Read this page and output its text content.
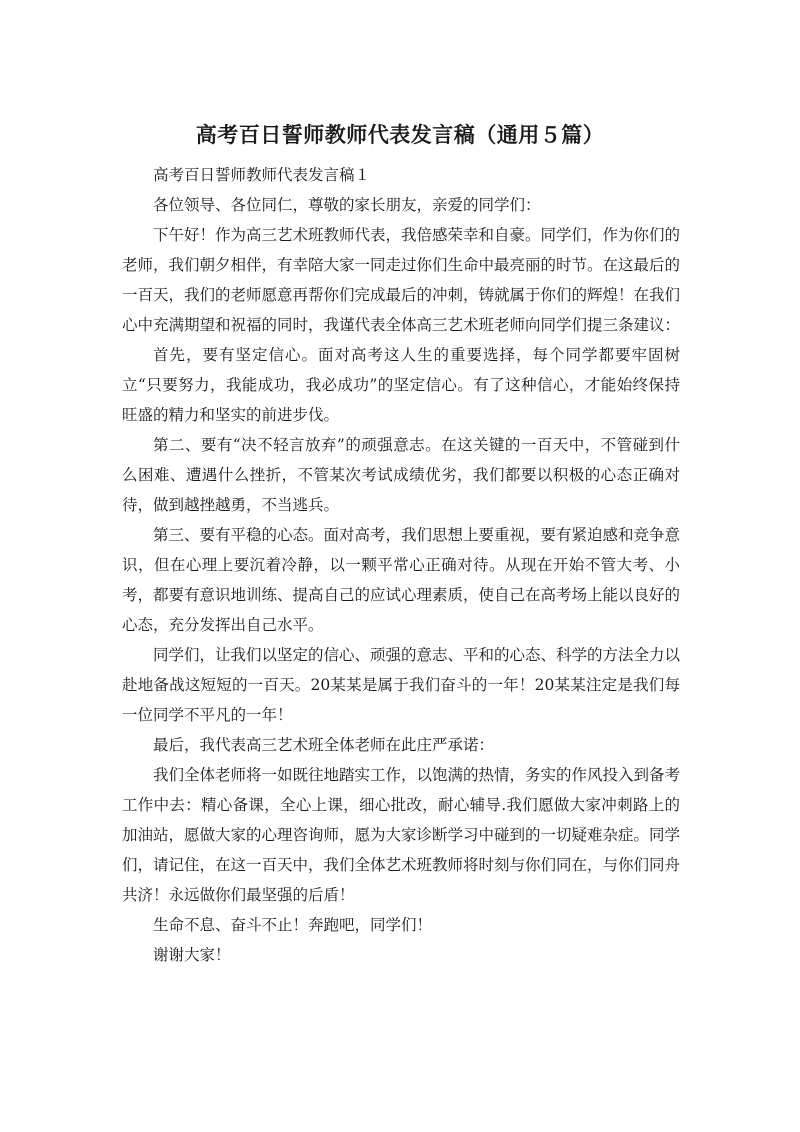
高考百日誓师教师代表发言稿（通用５篇）

高考百日誓师教师代表发言稿１

各位领导、各位同仁，尊敬的家长朋友，亲爱的同学们：

下午好！作为高三艺术班教师代表，我倍感荣幸和自豪。同学们，作为你们的老师，我们朝夕相伴，有幸陪大家一同走过你们生命中最亮丽的时节。在这最后的一百天，我们的老师愿意再帮你们完成最后的冲刺，铸就属于你们的辉煌！在我们心中充满期望和祝福的同时，我谨代表全体高三艺术班老师向同学们提三条建议：

首先，要有坚定信心。面对高考这人生的重要选择，每个同学都要牢固树立“只要努力，我能成功，我必成功”的坚定信心。有了这种信心，才能始终保持旺盛的精力和坚实的前进步伐。

第二、要有“决不轻言放弃”的顽强意志。在这关键的一百天中，不管碰到什么困难、遭遇什么挫折，不管某次考试成绩优劣，我们都要以积极的心态正确对待，做到越挫越勇，不当逃兵。

第三、要有平稳的心态。面对高考，我们思想上要重视，要有紧迫感和竞争意识，但在心理上要沉着冷静，以一颗平常心正确对待。从现在开始不管大考、小考，都要有意识地训练、提高自己的应试心理素质，使自己在高考场上能以良好的心态，充分发挥出自己水平。

同学们，让我们以坚定的信心、顽强的意志、平和的心态、科学的方法全力以赴地备战这短短的一百天。20某某是属于我们奋斗的一年！20某某注定是我们每一位同学不平凡的一年！

最后，我代表高三艺术班全体老师在此庄严承诺：

我们全体老师将一如既往地踏实工作，以饱满的热情，务实的作风投入到备考工作中去：精心备课，全心上课，细心批改，耐心辅导.我们愿做大家冲刺路上的加油站，愿做大家的心理咨询师，愿为大家诊断学习中碰到的一切疑难杂症。同学们，请记住，在这一百天中，我们全体艺术班教师将时刻与你们同在，与你们同舟共济！永远做你们最坚强的后盾！

生命不息、奋斗不止！奔跑吧，同学们！

谢谢大家！
